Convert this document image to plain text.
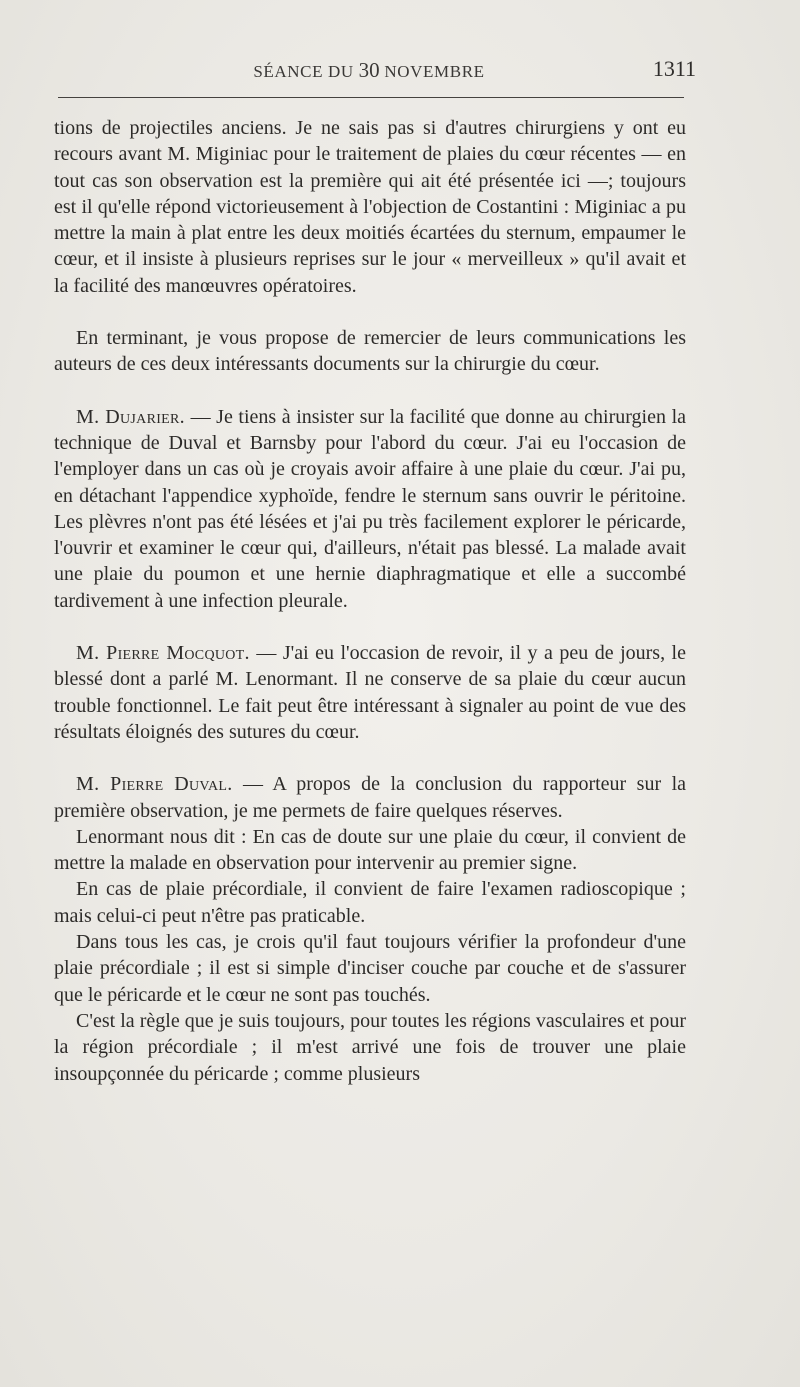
SÉANCE DU 30 NOVEMBRE	1311

tions de projectiles anciens. Je ne sais pas si d'autres chirurgiens y ont eu recours avant M. Miginiac pour le traitement de plaies du cœur récentes — en tout cas son observation est la première qui ait été présentée ici —; toujours est il qu'elle répond victorieusement à l'objection de Costantini : Miginiac a pu mettre la main à plat entre les deux moitiés écartées du sternum, empaumer le cœur, et il insiste à plusieurs reprises sur le jour « merveilleux » qu'il avait et la facilité des manœuvres opératoires.

En terminant, je vous propose de remercier de leurs communications les auteurs de ces deux intéressants documents sur la chirurgie du cœur.

M. Dujarier. — Je tiens à insister sur la facilité que donne au chirurgien la technique de Duval et Barnsby pour l'abord du cœur. J'ai eu l'occasion de l'employer dans un cas où je croyais avoir affaire à une plaie du cœur. J'ai pu, en détachant l'appendice xyphoïde, fendre le sternum sans ouvrir le péritoine. Les plèvres n'ont pas été lésées et j'ai pu très facilement explorer le péricarde, l'ouvrir et examiner le cœur qui, d'ailleurs, n'était pas blessé. La malade avait une plaie du poumon et une hernie diaphragmatique et elle a succombé tardivement à une infection pleurale.

M. Pierre Mocquot. — J'ai eu l'occasion de revoir, il y a peu de jours, le blessé dont a parlé M. Lenormant. Il ne conserve de sa plaie du cœur aucun trouble fonctionnel. Le fait peut être intéressant à signaler au point de vue des résultats éloignés des sutures du cœur.

M. Pierre Duval. — A propos de la conclusion du rapporteur sur la première observation, je me permets de faire quelques réserves.

Lenormant nous dit : En cas de doute sur une plaie du cœur, il convient de mettre la malade en observation pour intervenir au premier signe.

En cas de plaie précordiale, il convient de faire l'examen radioscopique ; mais celui-ci peut n'être pas praticable.

Dans tous les cas, je crois qu'il faut toujours vérifier la profondeur d'une plaie précordiale ; il est si simple d'inciser couche par couche et de s'assurer que le péricarde et le cœur ne sont pas touchés.

C'est la règle que je suis toujours, pour toutes les régions vasculaires et pour la région précordiale ; il m'est arrivé une fois de trouver une plaie insoupçonnée du péricarde ; comme plusieurs
